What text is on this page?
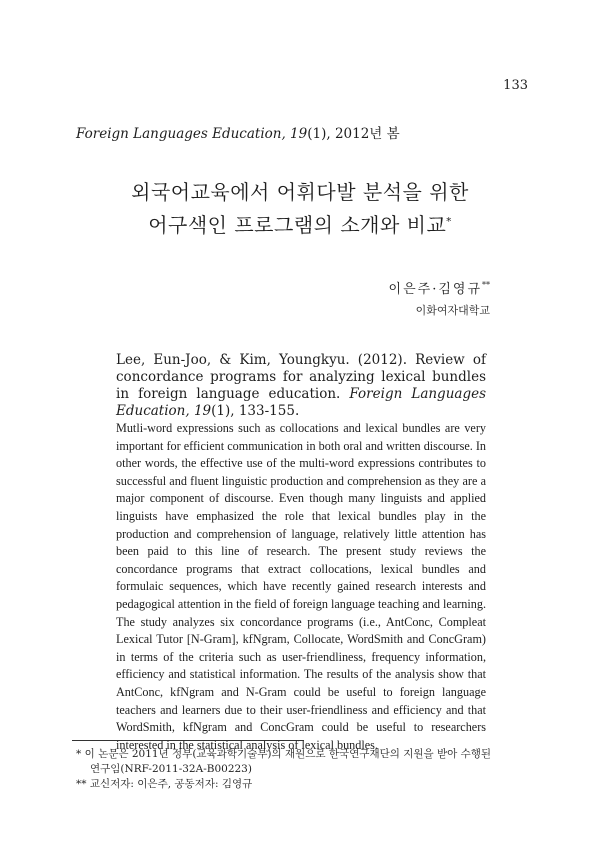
133
Foreign Languages Education, 19(1), 2012년 봄
외국어교육에서 어휘다발 분석을 위한
어구색인 프로그램의 소개와 비교*
이은주·김영규**
이화여자대학교
Lee, Eun-Joo, & Kim, Youngkyu. (2012). Review of concordance programs for analyzing lexical bundles in foreign language education. Foreign Languages Education, 19(1), 133-155.
Mutli-word expressions such as collocations and lexical bundles are very important for efficient communication in both oral and written discourse. In other words, the effective use of the multi-word expressions contributes to successful and fluent linguistic production and comprehension as they are a major component of discourse. Even though many linguists and applied linguists have emphasized the role that lexical bundles play in the production and comprehension of language, relatively little attention has been paid to this line of research. The present study reviews the concordance programs that extract collocations, lexical bundles and formulaic sequences, which have recently gained research interests and pedagogical attention in the field of foreign language teaching and learning. The study analyzes six concordance programs (i.e., AntConc, Compleat Lexical Tutor [N-Gram], kfNgram, Collocate, WordSmith and ConcGram) in terms of the criteria such as user-friendliness, frequency information, efficiency and statistical information. The results of the analysis show that AntConc, kfNgram and N-Gram could be useful to foreign language teachers and learners due to their user-friendliness and efficiency and that WordSmith, kfNgram and ConcGram could be useful to researchers interested in the statistical analysis of lexical bundles.
* 이 논문은 2011년 정부(교육과학기술부)의 재원으로 한국연구재단의 지원을 받아 수행된
연구임(NRF-2011-32A-B00223)
** 교신저자: 이은주, 공동저자: 김영규
